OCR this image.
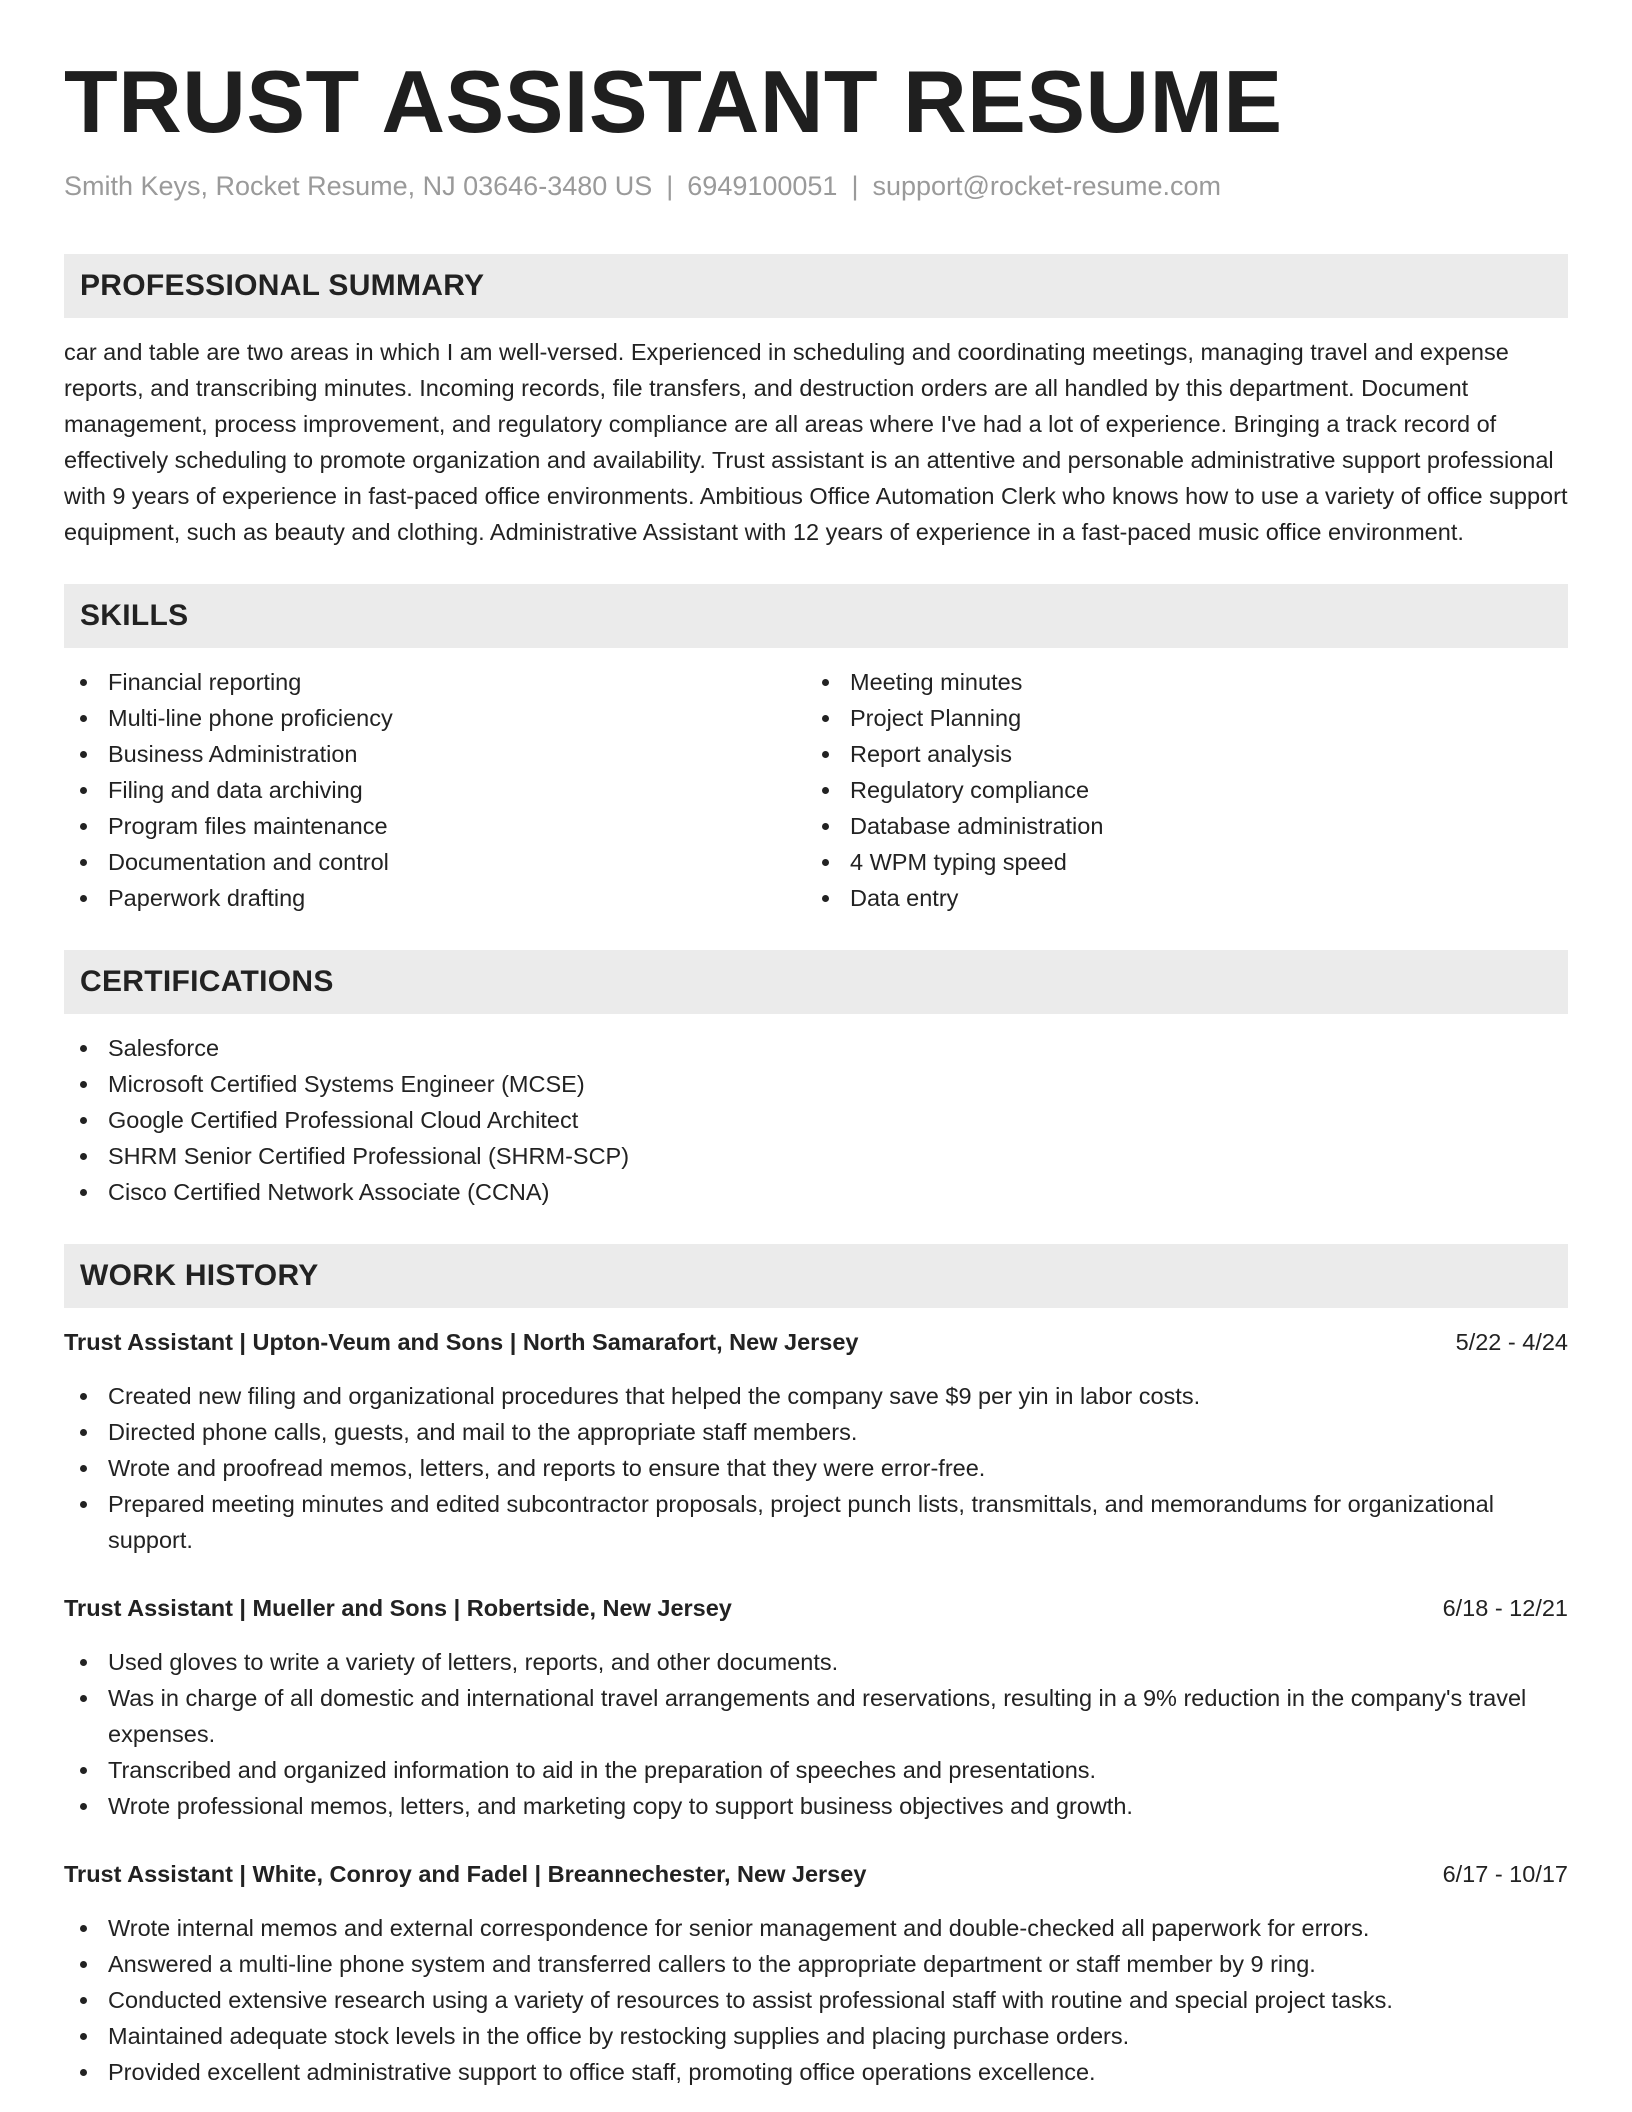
TRUST ASSISTANT RESUME
Smith Keys, Rocket Resume, NJ 03646-3480 US | 6949100051 | support@rocket-resume.com
PROFESSIONAL SUMMARY

car and table are two areas in which I am well-versed. Experienced in scheduling and coordinating meetings, managing travel and expense reports, and transcribing minutes. Incoming records, file transfers, and destruction orders are all handled by this department. Document management, process improvement, and regulatory compliance are all areas where I've had a lot of experience. Bringing a track record of effectively scheduling to promote organization and availability. Trust assistant is an attentive and personable administrative support professional with 9 years of experience in fast-paced office environments. Ambitious Office Automation Clerk who knows how to use a variety of office support equipment, such as beauty and clothing. Administrative Assistant with 12 years of experience in a fast-paced music office environment.

SKILLS
Financial reporting
Multi-line phone proficiency
Business Administration
Filing and data archiving
Program files maintenance
Documentation and control
Paperwork drafting
Meeting minutes
Project Planning
Report analysis
Regulatory compliance
Database administration
4 WPM typing speed
Data entry
CERTIFICATIONS
Salesforce
Microsoft Certified Systems Engineer (MCSE)
Google Certified Professional Cloud Architect
SHRM Senior Certified Professional (SHRM-SCP)
Cisco Certified Network Associate (CCNA)
WORK HISTORY
Trust Assistant | Upton-Veum and Sons | North Samarafort, New Jersey	5/22 - 4/24
Created new filing and organizational procedures that helped the company save $9 per yin in labor costs.
Directed phone calls, guests, and mail to the appropriate staff members.
Wrote and proofread memos, letters, and reports to ensure that they were error-free.
Prepared meeting minutes and edited subcontractor proposals, project punch lists, transmittals, and memorandums for organizational support.
Trust Assistant | Mueller and Sons | Robertside, New Jersey	6/18 - 12/21
Used gloves to write a variety of letters, reports, and other documents.
Was in charge of all domestic and international travel arrangements and reservations, resulting in a 9% reduction in the company's travel expenses.
Transcribed and organized information to aid in the preparation of speeches and presentations.
Wrote professional memos, letters, and marketing copy to support business objectives and growth.
Trust Assistant | White, Conroy and Fadel | Breannechester, New Jersey	6/17 - 10/17
Wrote internal memos and external correspondence for senior management and double-checked all paperwork for errors.
Answered a multi-line phone system and transferred callers to the appropriate department or staff member by 9 ring.
Conducted extensive research using a variety of resources to assist professional staff with routine and special project tasks.
Maintained adequate stock levels in the office by restocking supplies and placing purchase orders.
Provided excellent administrative support to office staff, promoting office operations excellence.
